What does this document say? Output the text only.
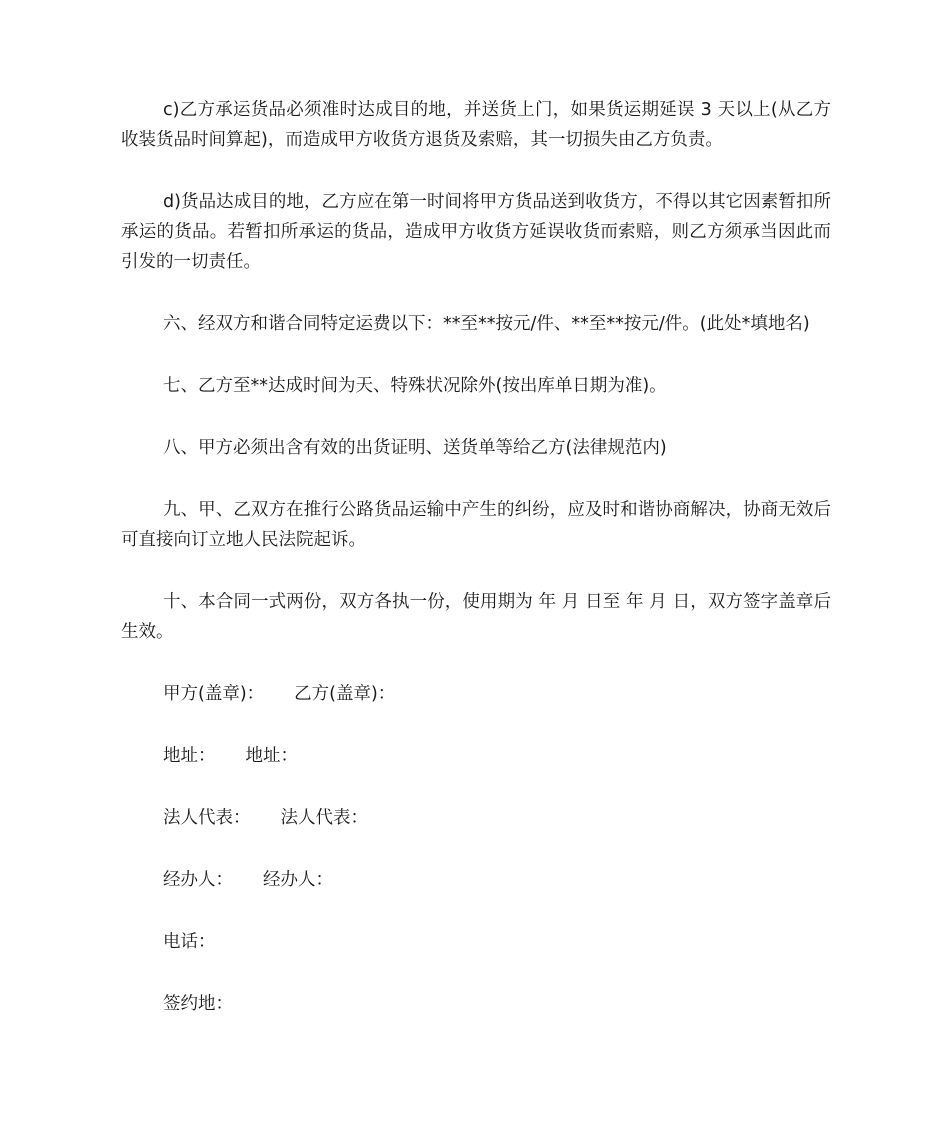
c)乙方承运货品必须准时达成目的地，并送货上门，如果货运期延误 3 天以上(从乙方收装货品时间算起)，而造成甲方收货方退货及索赔，其一切损失由乙方负责。

d)货品达成目的地，乙方应在第一时间将甲方货品送到收货方，不得以其它因素暂扣所承运的货品。若暂扣所承运的货品，造成甲方收货方延误收货而索赔，则乙方须承当因此而引发的一切责任。

六、经双方和谐合同特定运费以下：**至**按元/件、**至**按元/件。(此处*填地名)

七、乙方至**达成时间为天、特殊状况除外(按出库单日期为准)。

八、甲方必须出含有效的出货证明、送货单等给乙方(法律规范内)

九、甲、乙双方在推行公路货品运输中产生的纠纷，应及时和谐协商解决，协商无效后可直接向订立地人民法院起诉。

十、本合同一式两份，双方各执一份，使用期为 年 月 日至 年 月 日，双方签字盖章后生效。

甲方(盖章)： 乙方(盖章)：
地址： 地址：
法人代表： 法人代表：
经办人： 经办人：
电话：
签约地：
